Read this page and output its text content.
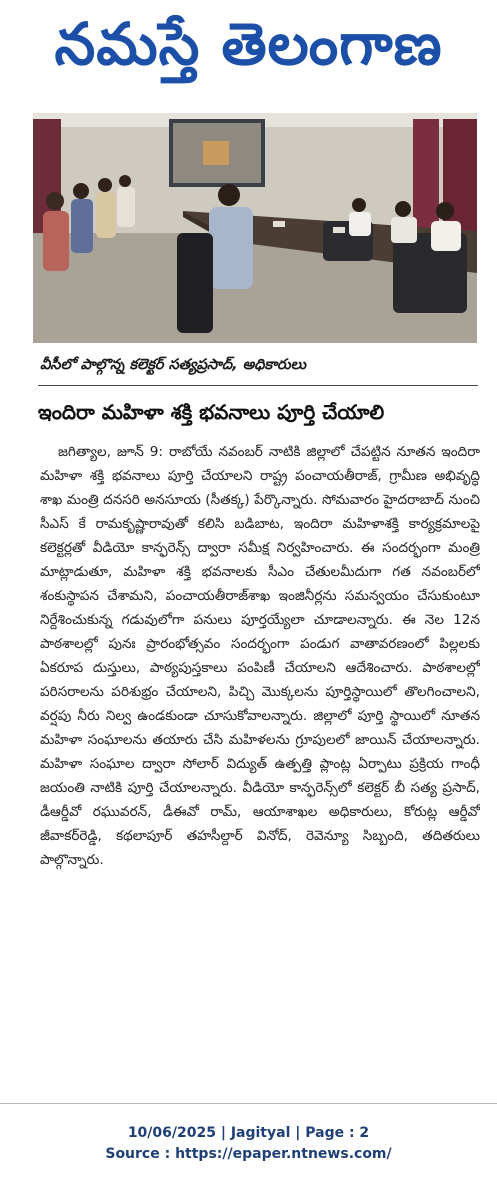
నమస్తే తెలంగాణ
వీసీలో పాల్గొన్న కలెక్టర్ సత్యప్రసాద్, అధికారులు
ఇందిరా మహిళా శక్తి భవనాలు పూర్తి చేయాలి

జగిత్యాల, జూన్ 9: రాబోయే నవంబర్ నాటికి జిల్లాలో చేపట్టిన నూతన ఇందిరా మహిళా శక్తి భవనాలు పూర్తి చేయాలని రాష్ట్ర పంచాయతీరాజ్, గ్రామీణ అభివృద్ధి శాఖ మంత్రి దనసరి అనసూయ (సీతక్క) పేర్కొన్నారు. సోమవారం హైదరాబాద్ నుంచి సీఎస్ కే రామకృష్ణారావుతో కలిసి బడిబాట, ఇందిరా మహిళాశక్తి కార్యక్రమాలపై కలెక్టర్లతో వీడియో కాన్ఫరెన్స్ ద్వారా సమీక్ష నిర్వహించారు. ఈ సందర్భంగా మంత్రి మాట్లాడుతూ, మహిళా శక్తి భవనాలకు సీఎం చేతులమీదుగా గత నవంబర్‌లో శంకుస్థాపన చేశామని, పంచాయతీరాజ్‌శాఖ ఇంజినీర్లను సమన్వయం చేసుకుంటూ నిర్దేశించుకున్న గడువులోగా పనులు పూర్తయ్యేలా చూడాలన్నారు. ఈ నెల 12న పాఠశాలల్లో పునః ప్రారంభోత్సవం సందర్భంగా పండుగ వాతావరణంలో పిల్లలకు ఏకరూప దుస్తులు, పాఠ్యపుస్తకాలు పంపిణీ చేయాలని ఆదేశించారు. పాఠశాలల్లో పరిసరాలను పరిశుభ్రం చేయాలని, పిచ్చి మొక్కలను పూర్తిస్థాయిలో తొలగించాలని, వర్షపు నీరు నిల్వ ఉండకుండా చూసుకోవాలన్నారు. జిల్లాలో పూర్తి స్థాయిలో నూతన మహిళా సంఘాలను తయారు చేసి మహిళలను గ్రూపులలో జాయిన్ చేయాలన్నారు. మహిళా సంఘాల ద్వారా సోలార్ విద్యుత్ ఉత్పత్తి ప్లాంట్ల ఏర్పాటు ప్రక్రియ గాంధీ జయంతి నాటికి పూర్తి చేయాలన్నారు. వీడియో కాన్ఫరెన్స్‌లో కలెక్టర్ బీ సత్య ప్రసాద్, డీఆర్డీవో రఘువరన్, డీఈవో రామ్, ఆయాశాఖల అధికారులు, కోరుట్ల ఆర్డీవో జీవాకర్‌రెడ్డి, కథలాపూర్ తహసీల్దార్ వినోద్, రెవెన్యూ సిబ్బంది, తదితరులు పాల్గొన్నారు.

10/06/2025 | Jagityal | Page : 2
Source : https://epaper.ntnews.com/
